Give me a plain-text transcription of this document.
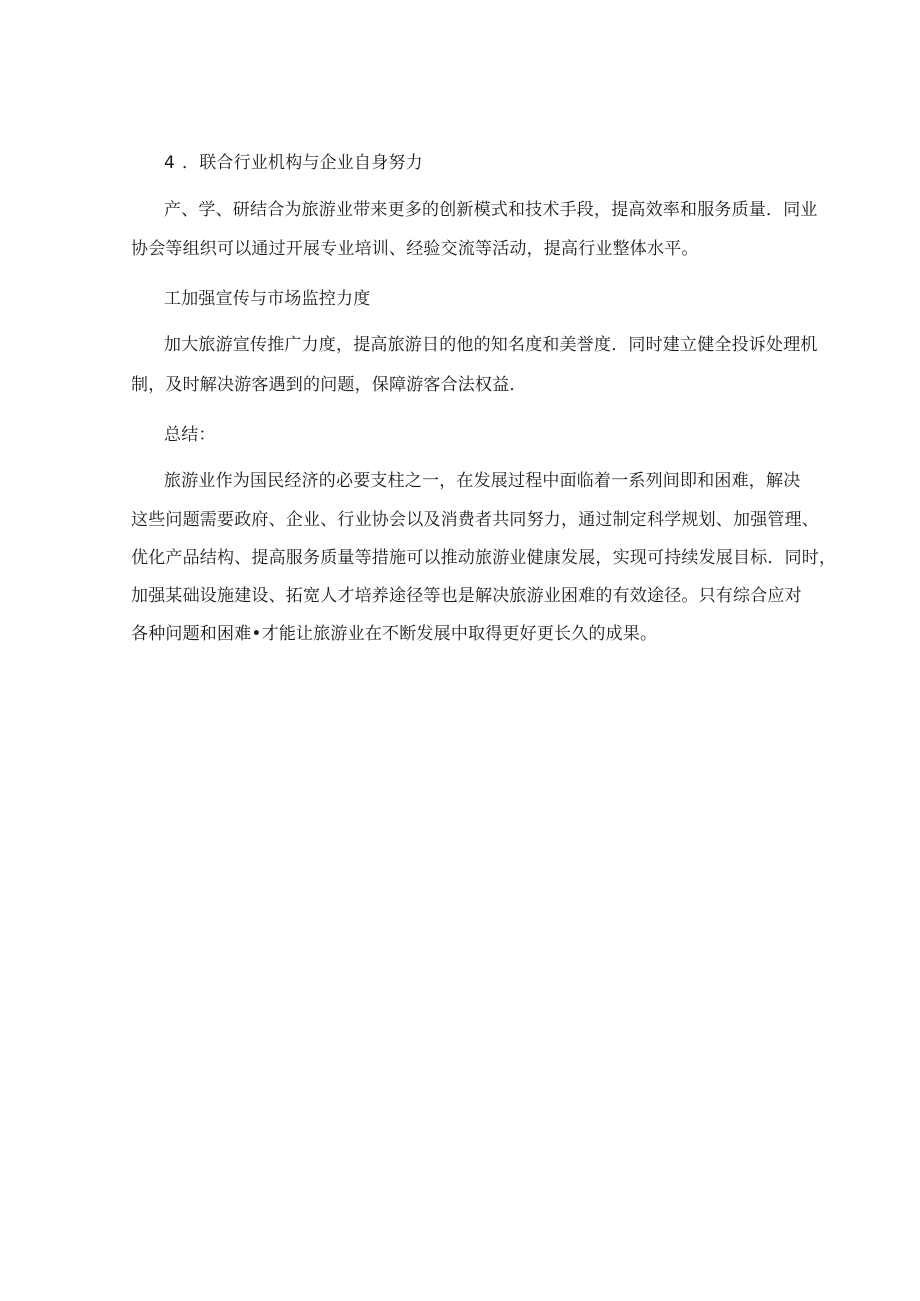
4 ．联合行业机构与企业自身努力
产、学、研结合为旅游业带来更多的创新模式和技术手段，提高效率和服务质量．同业
协会等组织可以通过开展专业培训、经验交流等活动，提高行业整体水平。
工加强宣传与市场监控力度
加大旅游宣传推广力度，提高旅游日的他的知名度和美誉度．同时建立健全投诉处理机
制，及时解决游客遇到的问题，保障游客合法权益．
总结：
旅游业作为国民经济的必要支柱之一，在发展过程中面临着一系列间即和困难，解决
这些问题需要政府、企业、行业协会以及消费者共同努力，通过制定科学规划、加强管理、
优化产品结构、提高服务质量等措施可以推动旅游业健康发展，实现可持续发展目标．同时，
加强某础设施建设、拓宽人才培养途径等也是解决旅游业困难的有效途径。只有综合应对
各种问题和困难•才能让旅游业在不断发展中取得更好更长久的成果。
